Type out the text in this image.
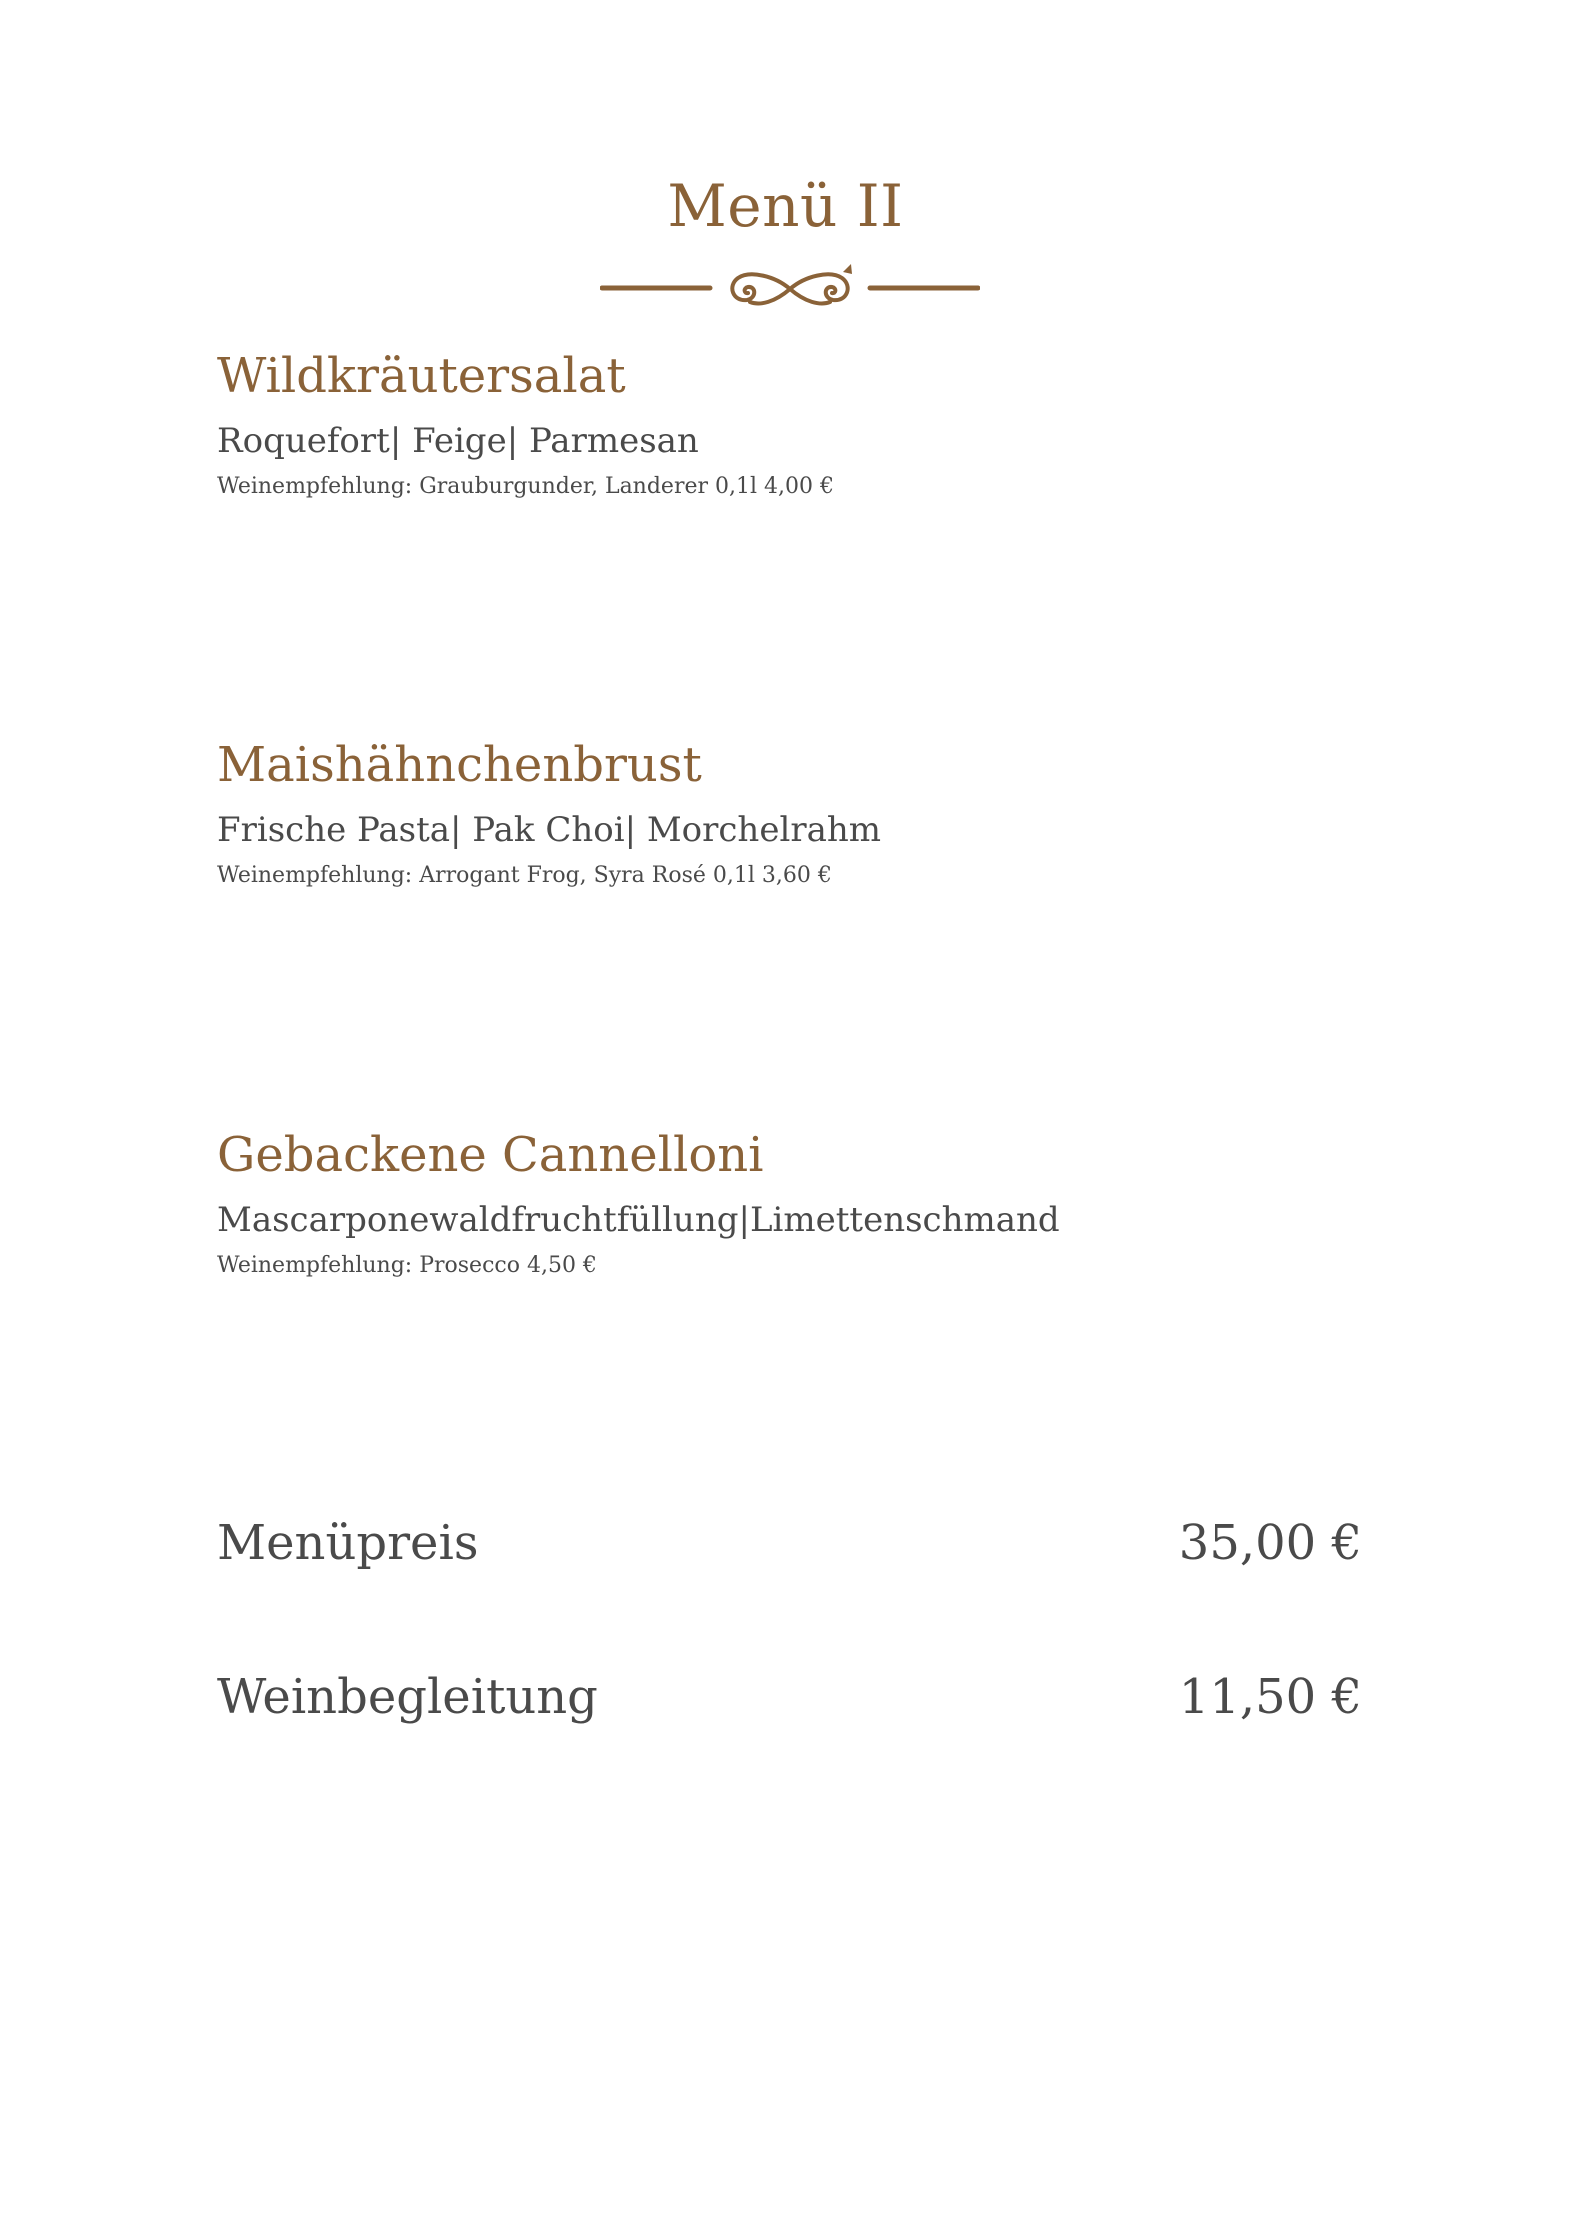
Menü II
Wildkräutersalat
Roquefort| Feige| Parmesan
Weinempfehlung: Grauburgunder, Landerer 0,1l 4,00 €
Maishähnchenbrust
Frische Pasta| Pak Choi| Morchelrahm
Weinempfehlung: Arrogant Frog, Syra Rosé 0,1l 3,60 €
Gebackene Cannelloni
Mascarponewaldfruchtfüllung|Limettenschmand
Weinempfehlung: Prosecco 4,50 €
Menüpreis	35,00 €
Weinbegleitung	11,50 €
